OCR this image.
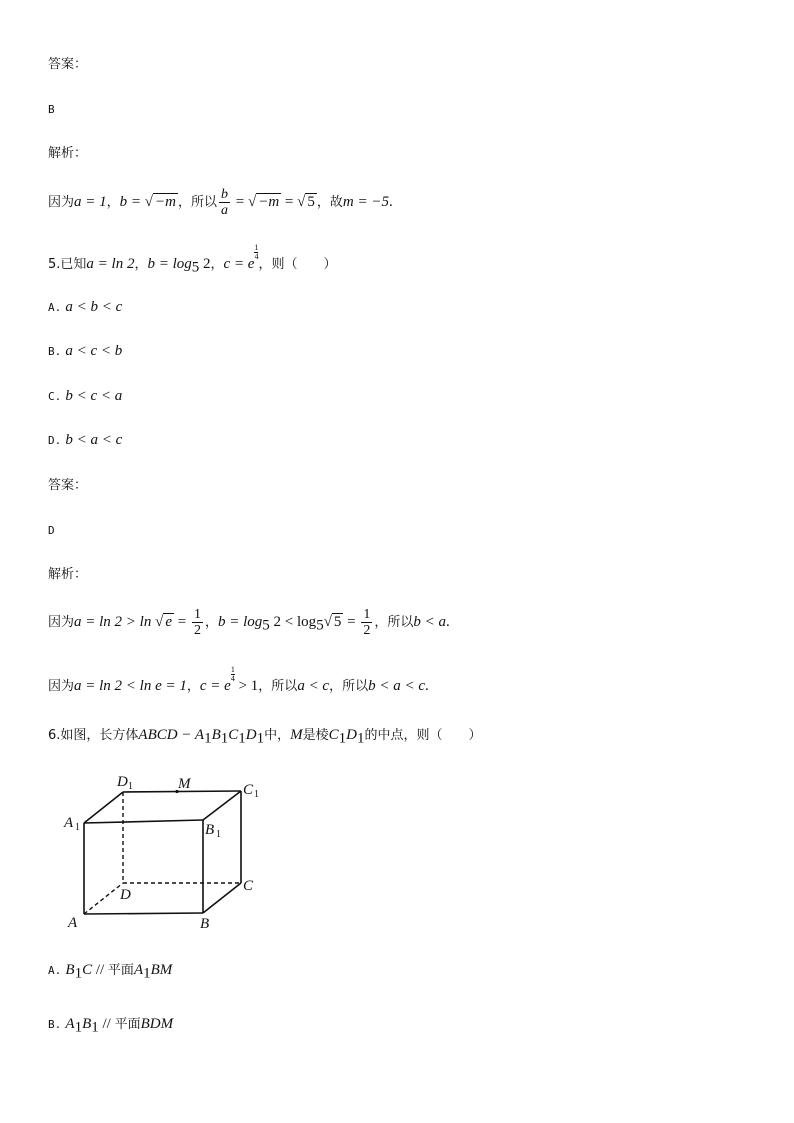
答案：
B
解析：
因为a = 1，b = √ −m ，所以 $\frac{b}{a}$ = √ −m = √ 5 ，故m = −5.
5.已知a = ln 2，$b = \log_5 2$，c = e
$\frac{1}{4}$
，则（　　）
A. a < b < c
B. a < c < b
C. b < c < a
D. b < a < c
答案：
D
解析：
因为a = ln 2 > ln √ $e = \frac{1}{2}$ ，$b = \log_5 2 < \log_5√$ $5 = \frac{1}{2}$ ，所以b < a.
因为a = ln 2 < ln e = 1，c = e
$\frac{1}{4}$
> 1，所以a < c，所以b < a < c.
6.如图，长方体ABCD − $A_1B_1C_1D_1$中，M是棱$C_1D_1$的中点，则（　　）
D 1	M	C 1
A 1	B 1
C
D
A	B
A. $B_1C$ // 平面$A_1BM$
B. $A_1B_1$ // 平面BDM
